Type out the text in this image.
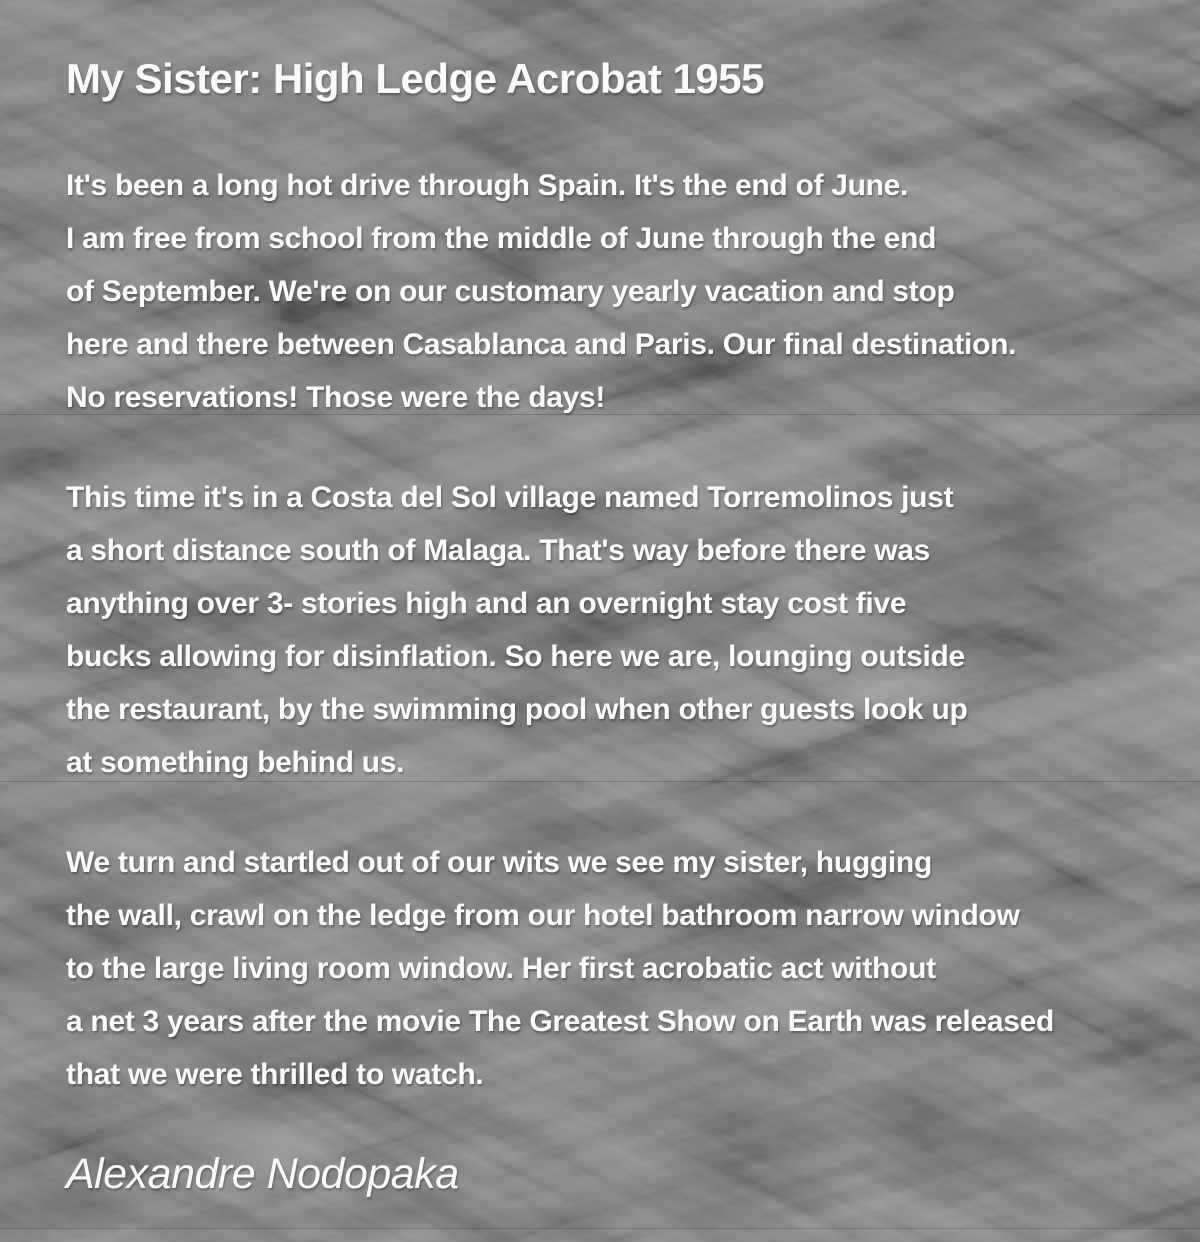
My Sister: High Ledge Acrobat 1955
It's been a long hot drive through Spain. It's the end of June.
I am free from school from the middle of June through the end
of September. We're on our customary yearly vacation and stop
here and there between Casablanca and Paris. Our final destination.
No reservations! Those were the days!
This time it's in a Costa del Sol village named Torremolinos just
a short distance south of Malaga. That's way before there was
anything over 3- stories high and an overnight stay cost five
bucks allowing for disinflation. So here we are, lounging outside
the restaurant, by the swimming pool when other guests look up
at something behind us.
We turn and startled out of our wits we see my sister, hugging
the wall, crawl on the ledge from our hotel bathroom narrow window
to the large living room window. Her first acrobatic act without
a net 3 years after the movie The Greatest Show on Earth was released
that we were thrilled to watch.
Alexandre Nodopaka
